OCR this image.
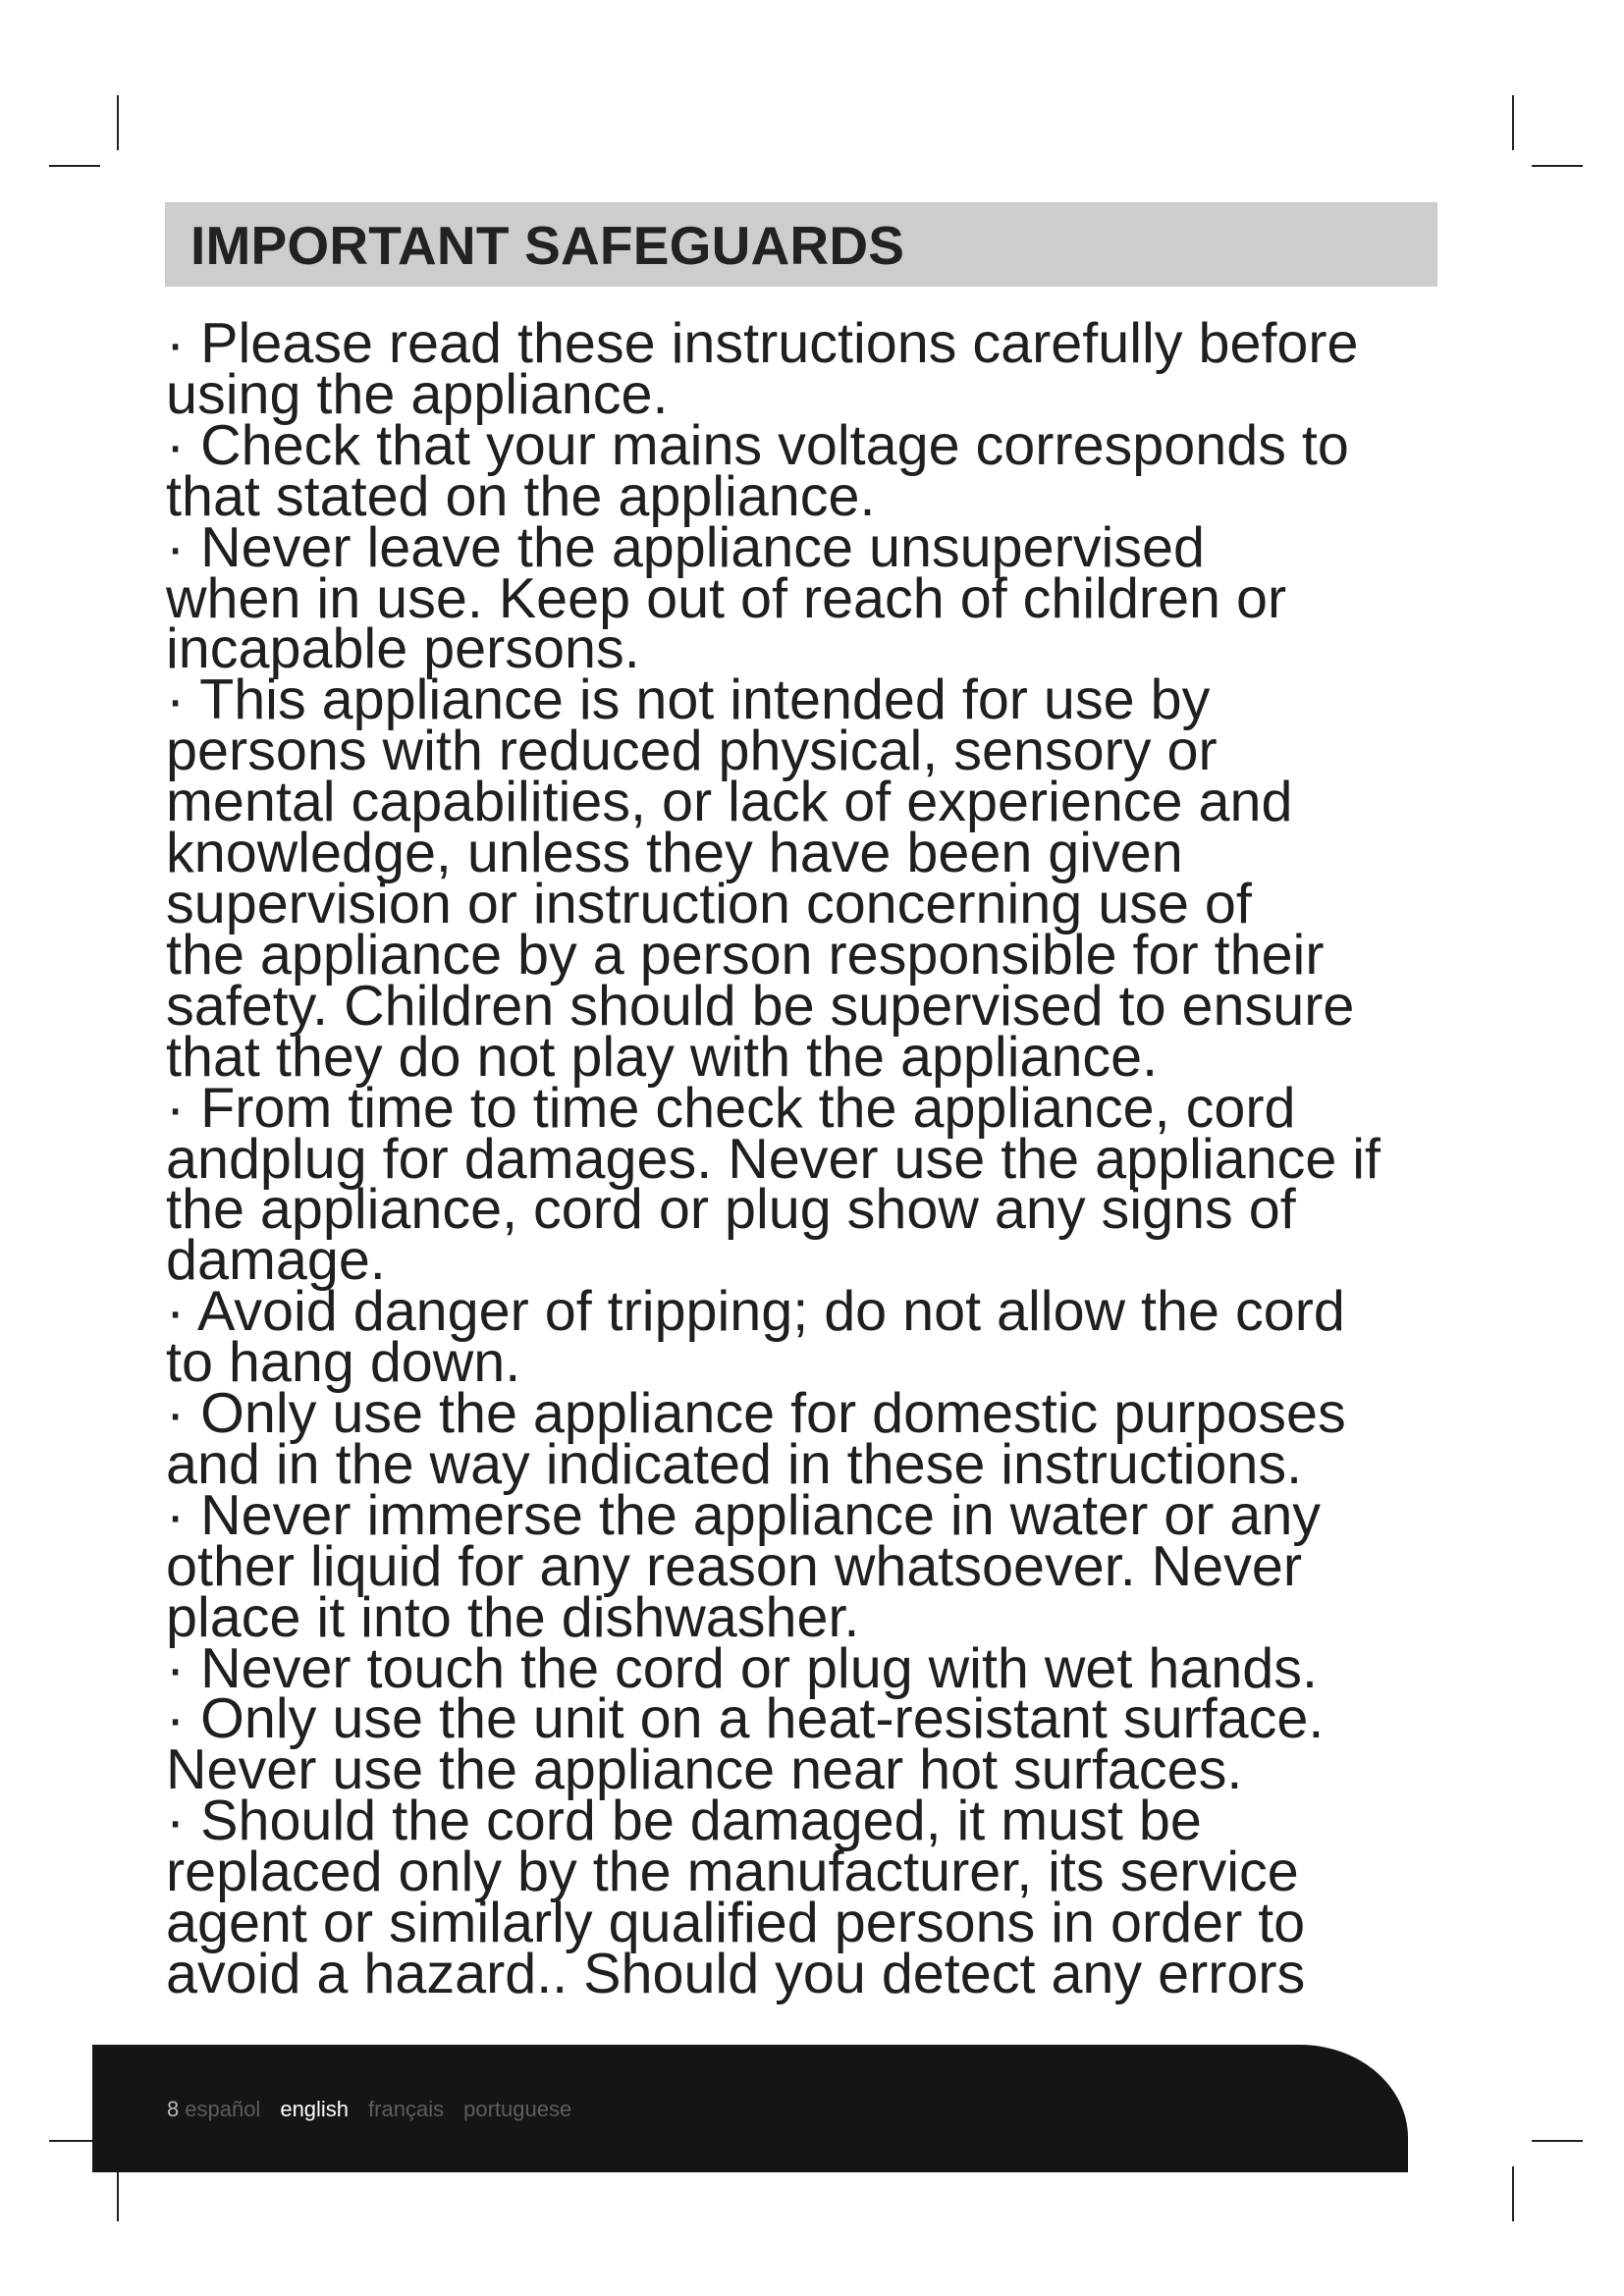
IMPORTANT SAFEGUARDS
· Please read these instructions carefully before
using the appliance.
· Check that your mains voltage corresponds to
that stated on the appliance.
· Never leave the appliance unsupervised
when in use. Keep out of reach of children or
incapable persons.
· This appliance is not intended for use by
persons with reduced physical, sensory or
mental capabilities, or lack of experience and
knowledge, unless they have been given
supervision or instruction concerning use of
the appliance by a person responsible for their
safety. Children should be supervised to ensure
that they do not play with the appliance.
· From time to time check the appliance, cord
andplug for damages. Never use the appliance if
the appliance, cord or plug show any signs of
damage.
· Avoid danger of tripping; do not allow the cord
to hang down.
· Only use the appliance for domestic purposes
and in the way indicated in these instructions.
· Never immerse the appliance in water or any
other liquid for any reason whatsoever. Never
place it into the dishwasher.
· Never touch the cord or plug with wet hands.
· Only use the unit on a heat-resistant surface.
Never use the appliance near hot surfaces.
· Should the cord be damaged, it must be
replaced only by the manufacturer, its service
agent or similarly qualified persons in order to
avoid a hazard.. Should you detect any errors
8 español english français portuguese
